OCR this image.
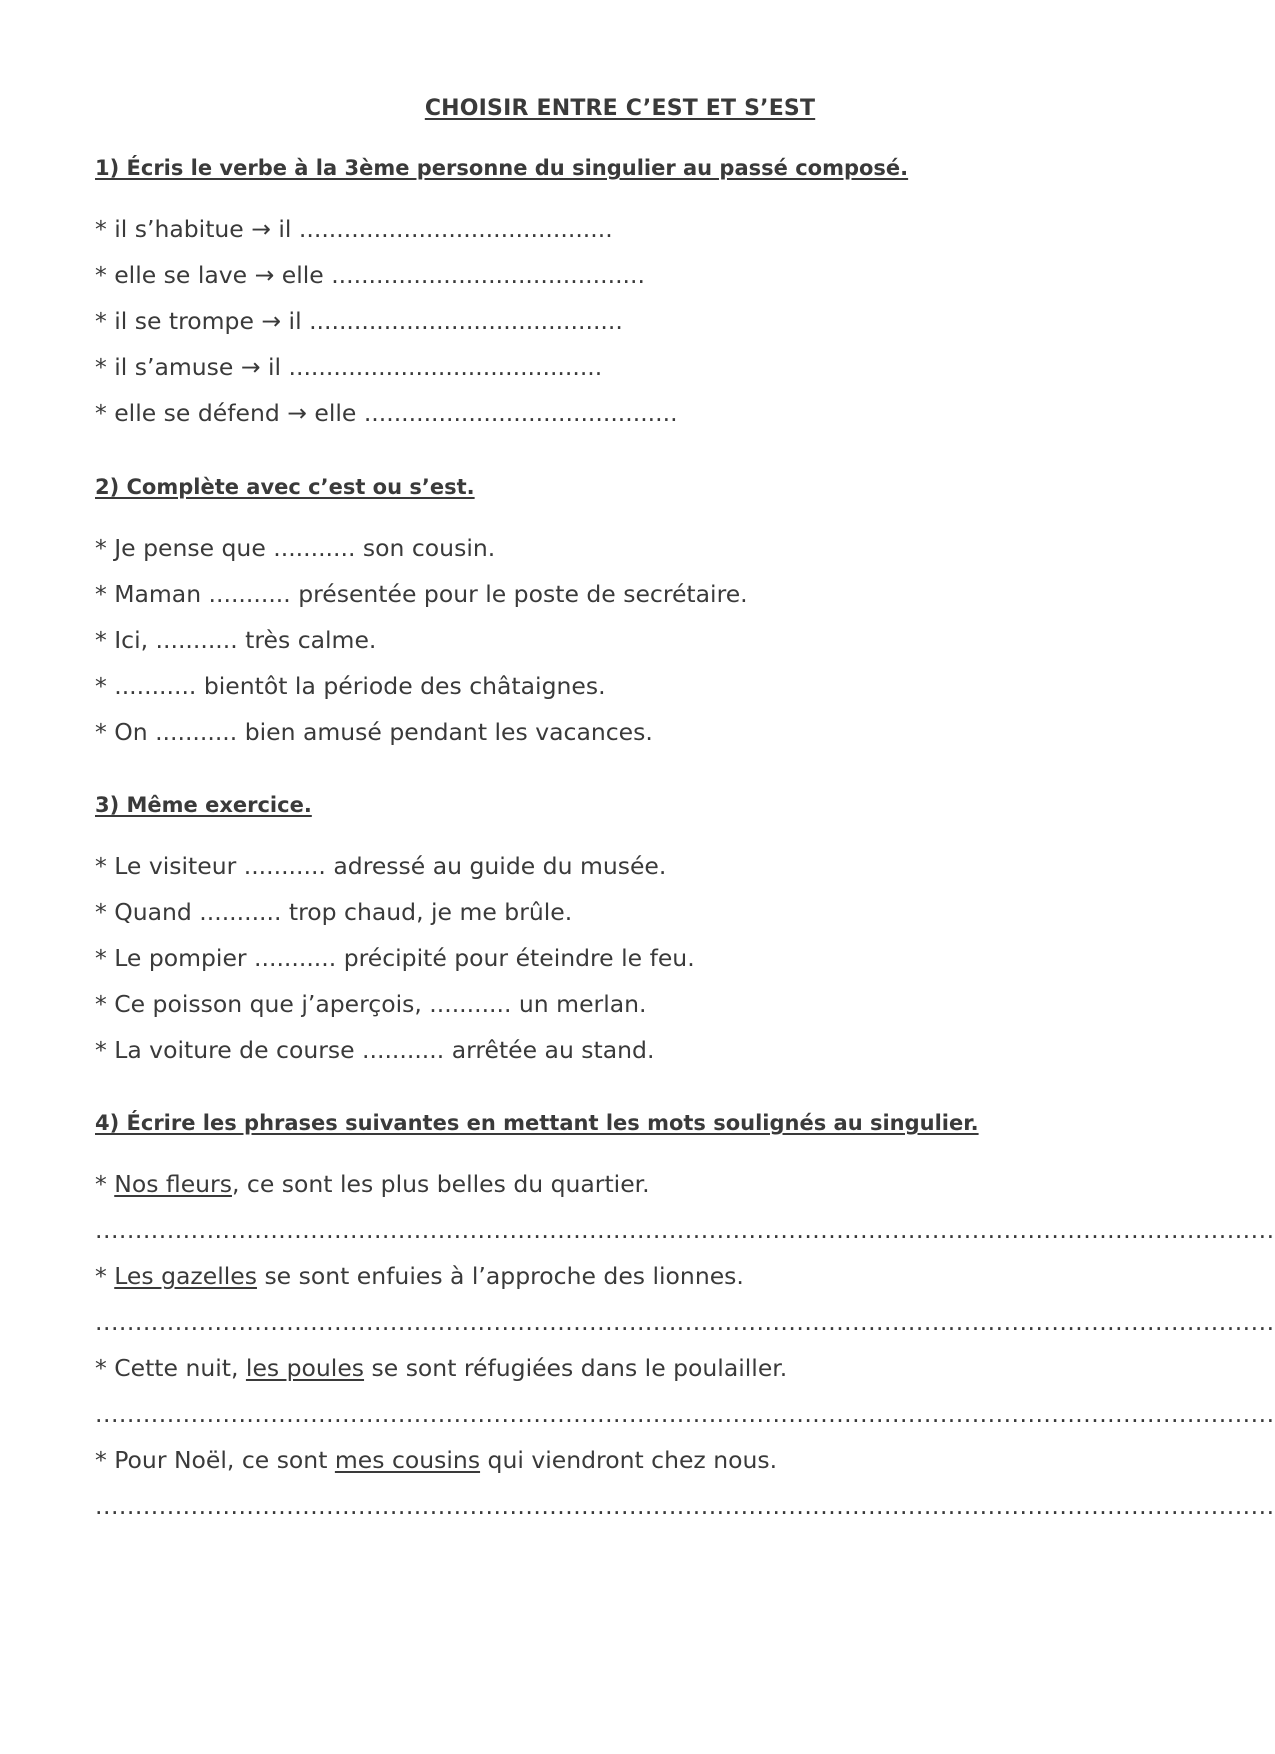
CHOISIR ENTRE C’EST ET S’EST
1) Écris le verbe à la 3ème personne du singulier au passé composé.
* il s’habitue → il ..........................................
* elle se lave → elle ..........................................
* il se trompe → il ..........................................
* il s’amuse → il ..........................................
* elle se défend → elle ..........................................
2) Complète avec c’est ou s’est.
* Je pense que ........... son cousin.
* Maman ........... présentée pour le poste de secrétaire.
* Ici, ........... très calme.
* ........... bientôt la période des châtaignes.
* On ........... bien amusé pendant les vacances.
3) Même exercice.
* Le visiteur ........... adressé au guide du musée.
* Quand ........... trop chaud, je me brûle.
* Le pompier ........... précipité pour éteindre le feu.
* Ce poisson que j’aperçois, ........... un merlan.
* La voiture de course ........... arrêtée au stand.
4) Écrire les phrases suivantes en mettant les mots soulignés au singulier.
* Nos fleurs, ce sont les plus belles du quartier.
....................................................................................................................................................
* Les gazelles se sont enfuies à l’approche des lionnes.
....................................................................................................................................................
* Cette nuit, les poules se sont réfugiées dans le poulailler.
....................................................................................................................................................
* Pour Noël, ce sont mes cousins qui viendront chez nous.
....................................................................................................................................................
